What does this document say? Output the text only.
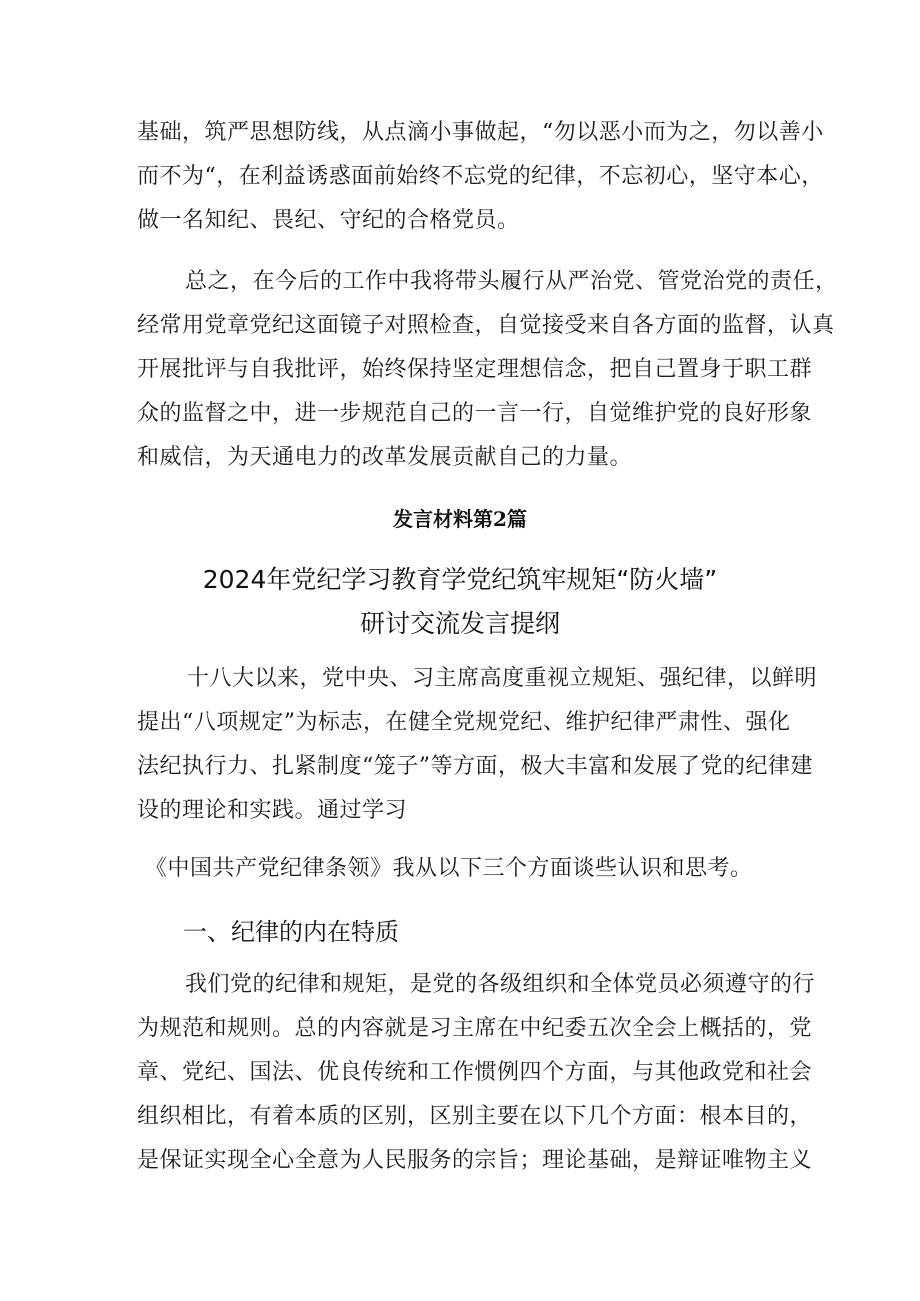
基础，筑严思想防线，从点滴小事做起，“勿以恶小而为之，勿以善小
而不为“，在利益诱惑面前始终不忘党的纪律，不忘初心，坚守本心，
做一名知纪、畏纪、守纪的合格党员。
总之，在今后的工作中我将带头履行从严治党、管党治党的责任，
经常用党章党纪这面镜子对照检查，自觉接受来自各方面的监督，认真
开展批评与自我批评，始终保持坚定理想信念，把自己置身于职工群
众的监督之中，进一步规范自己的一言一行，自觉维护党的良好形象
和威信，为天通电力的改革发展贡献自己的力量。
发言材料第2篇
2024年党纪学习教育学党纪筑牢规矩“防火墙”
研讨交流发言提纲
十八大以来，党中央、习主席高度重视立规矩、强纪律，以鲜明
提出“八项规定”为标志，在健全党规党纪、维护纪律严肃性、强化
法纪执行力、扎紧制度“笼子”等方面，极大丰富和发展了党的纪律建
设的理论和实践。通过学习
《中国共产党纪律条领》我从以下三个方面谈些认识和思考。
一、纪律的内在特质
我们党的纪律和规矩，是党的各级组织和全体党员必须遵守的行
为规范和规则。总的内容就是习主席在中纪委五次全会上概括的，党
章、党纪、国法、优良传统和工作惯例四个方面，与其他政党和社会
组织相比，有着本质的区别，区别主要在以下几个方面：根本目的，
是保证实现全心全意为人民服务的宗旨；理论基础，是辩证唯物主义
